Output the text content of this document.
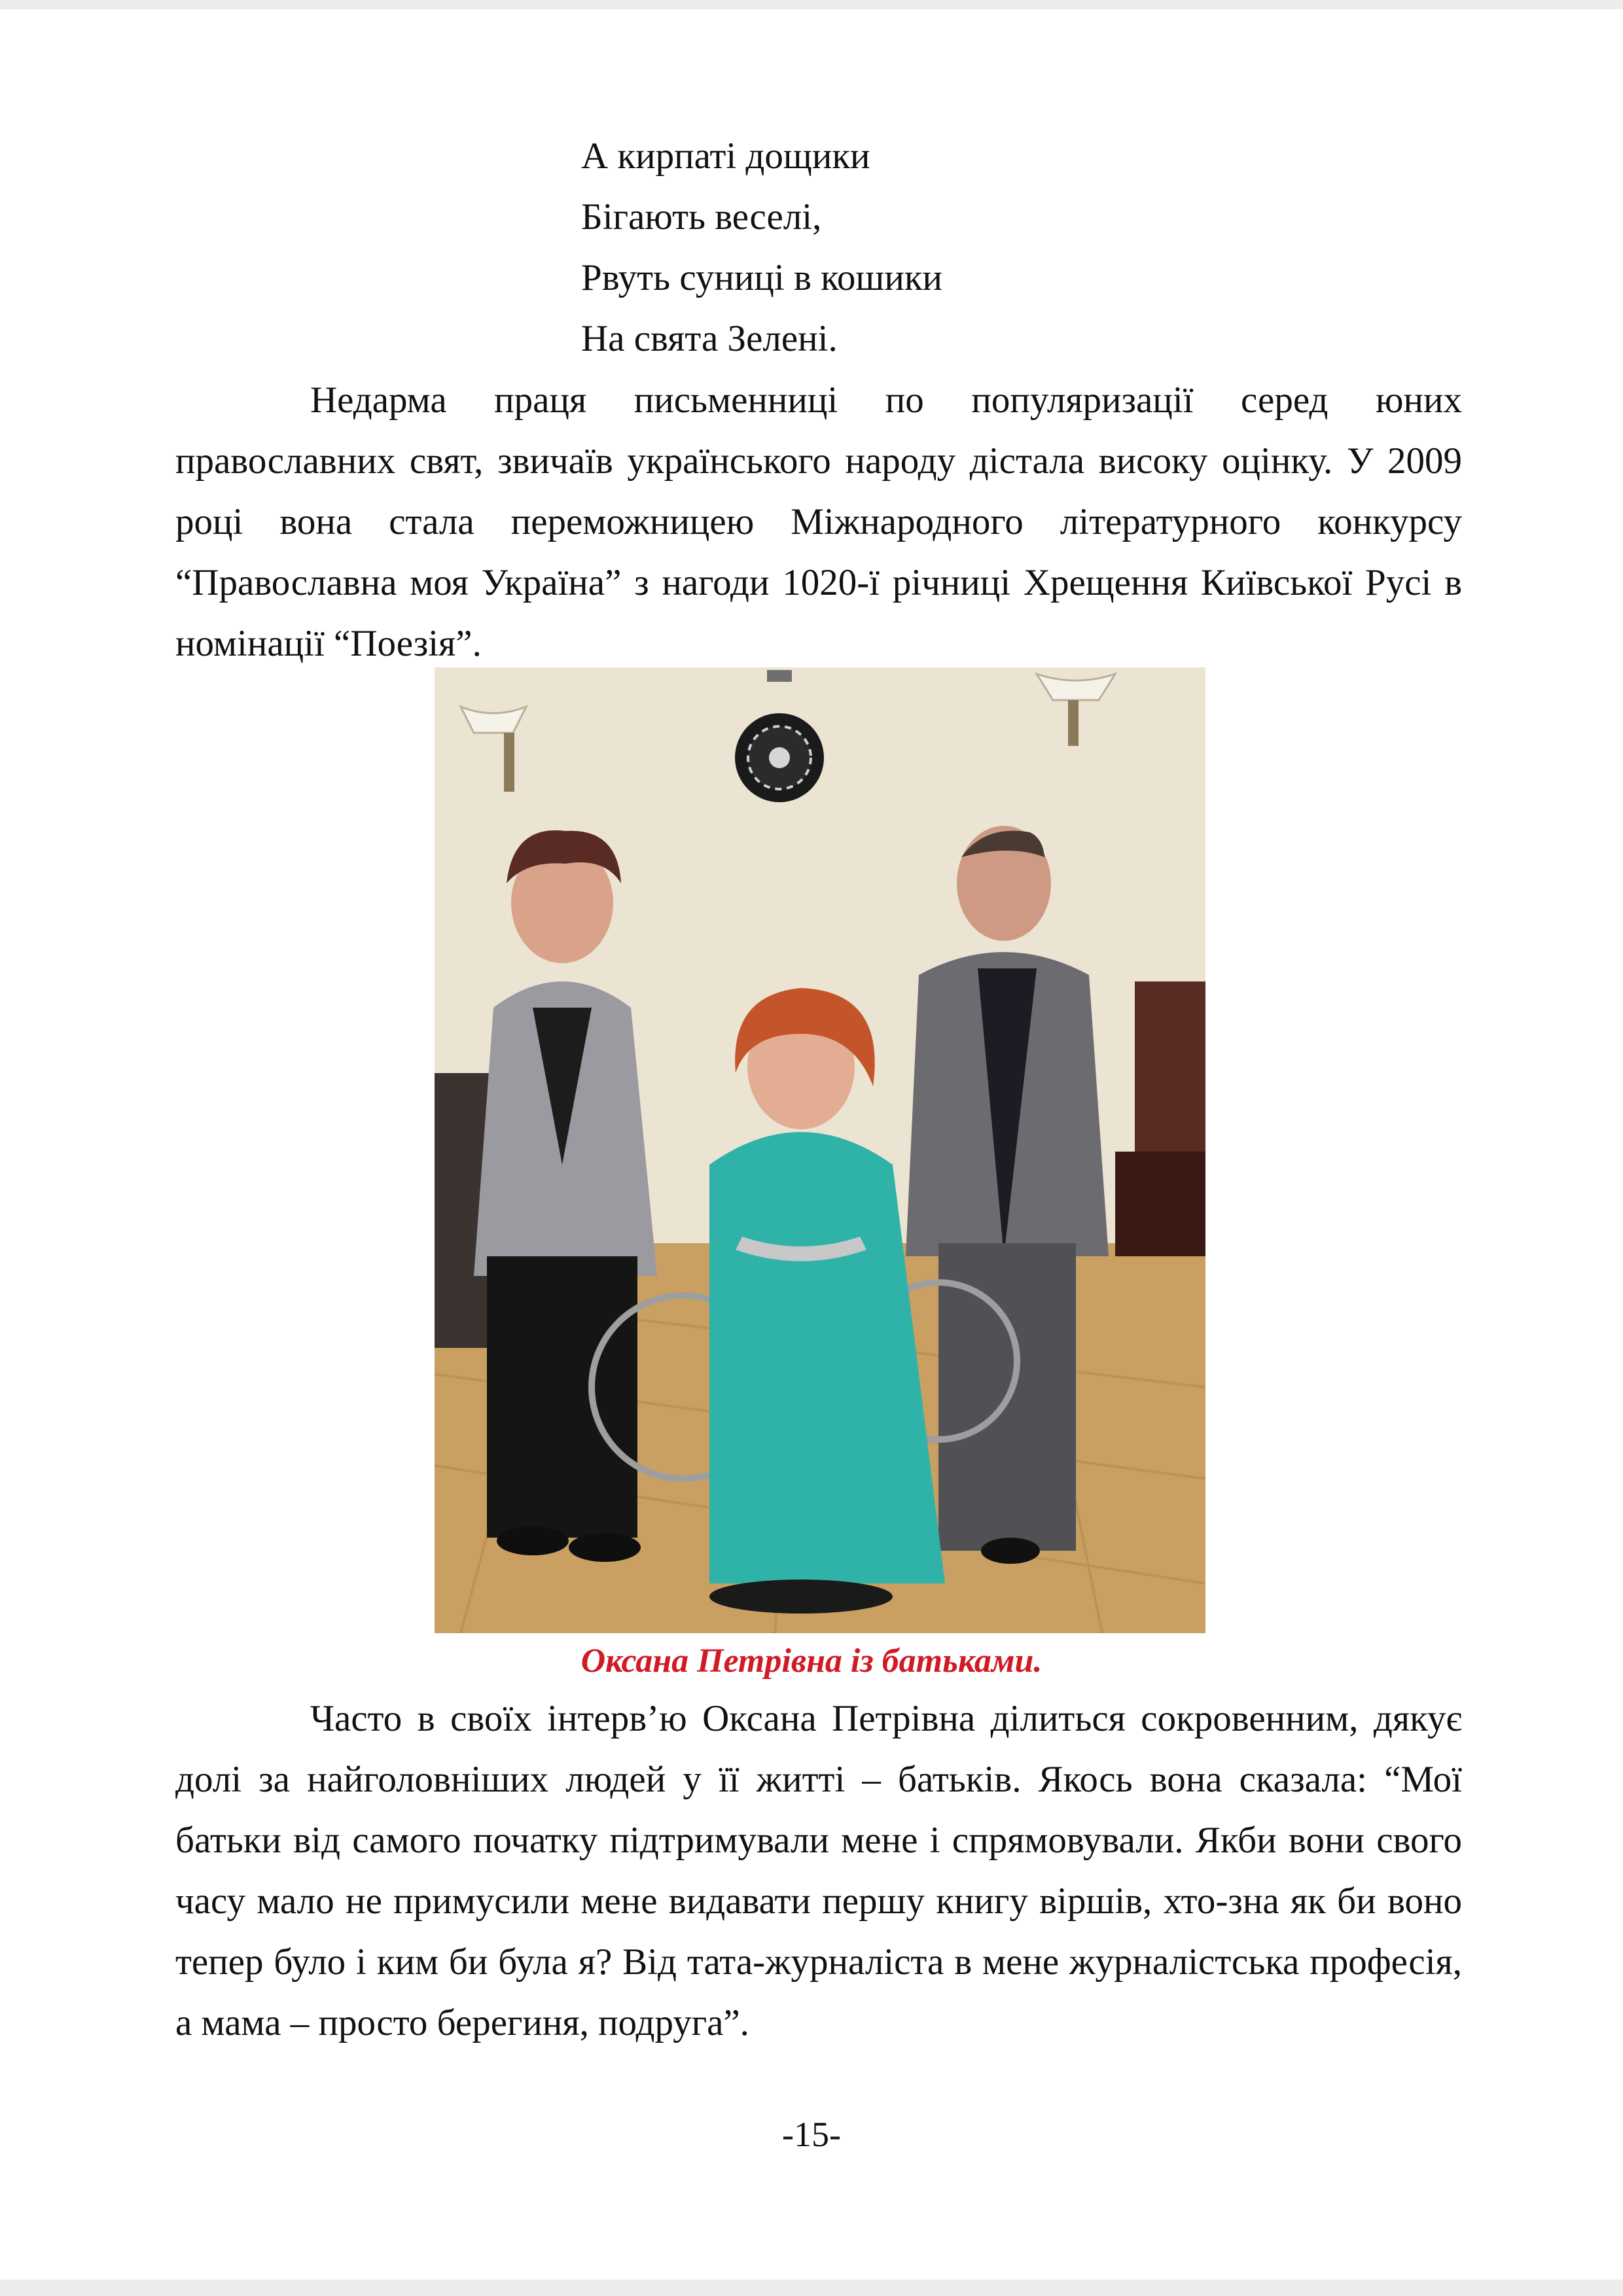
А кирпаті дощики
Бігають веселі,
Рвуть суниці в кошики
На свята Зелені.

Недарма праця письменниці по популяризації серед юних православних свят, звичаїв українського народу дістала високу оцінку. У 2009 році вона стала переможницею Міжнародного літературного конкурсу “Православна моя Україна” з нагоди 1020-ї річниці Хрещення Київської Русі в номінації “Поезія”.

Оксана Петрівна із батьками.

Часто в своїх інтерв’ю Оксана Петрівна ділиться сокровенним, дякує долі за найголовніших людей у її житті – батьків. Якось вона сказала: “Мої батьки від самого початку підтримували мене і спрямовували. Якби вони свого часу мало не примусили мене видавати першу книгу віршів, хто-зна як би воно тепер було і ким би була я? Від тата-журналіста в мене журналістська професія, а мама – просто берегиня, подруга”.

-15-
